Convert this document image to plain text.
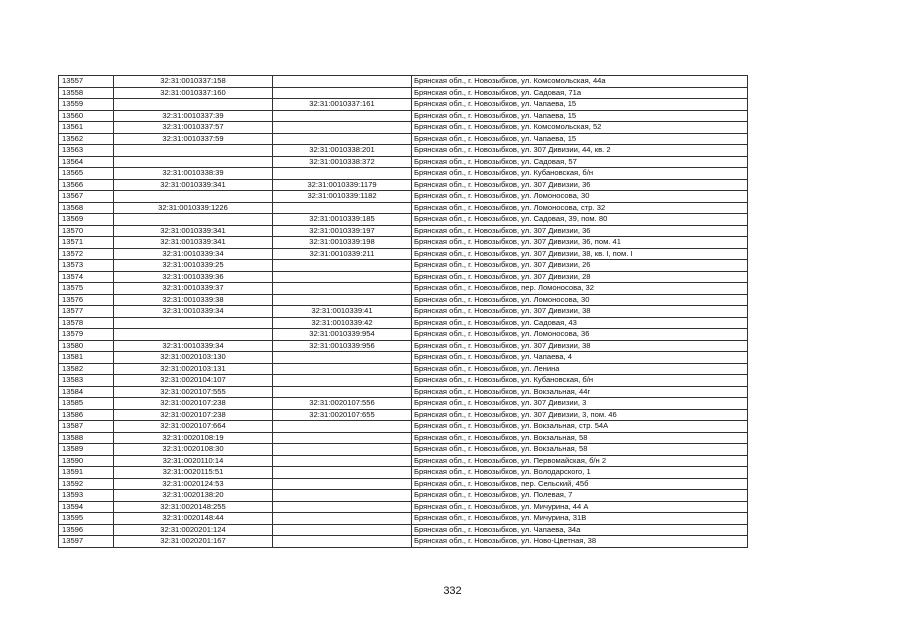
13557	32:31:0010337:158		Брянская обл., г. Новозыбков, ул. Комсомольская, 44а
13558	32:31:0010337:160		Брянская обл., г. Новозыбков, ул. Садовая, 71а
13559		32:31:0010337:161	Брянская обл., г. Новозыбков, ул. Чапаева, 15
13560	32:31:0010337:39		Брянская обл., г. Новозыбков, ул. Чапаева, 15
13561	32:31:0010337:57		Брянская обл., г. Новозыбков, ул. Комсомольская, 52
13562	32:31:0010337:59		Брянская обл., г. Новозыбков, ул. Чапаева, 15
13563		32:31:0010338:201	Брянская обл., г. Новозыбков, ул. 307 Дивизии, 44, кв. 2
13564		32:31:0010338:372	Брянская обл., г. Новозыбков, ул. Садовая, 57
13565	32:31:0010338:39		Брянская обл., г. Новозыбков, ул. Кубановская, б/н
13566	32:31:0010339:341	32:31:0010339:1179	Брянская обл., г. Новозыбков, ул. 307 Дивизии, 36
13567		32:31:0010339:1182	Брянская обл., г. Новозыбков, ул. Ломоносова, 30
13568	32:31:0010339:1226		Брянская обл., г. Новозыбков, ул. Ломоносова, стр. 32
13569		32:31:0010339:185	Брянская обл., г. Новозыбков, ул. Садовая, 39, пом. 80
13570	32:31:0010339:341	32:31:0010339:197	Брянская обл., г. Новозыбков, ул. 307 Дивизии, 36
13571	32:31:0010339:341	32:31:0010339:198	Брянская обл., г. Новозыбков, ул. 307 Дивизии, 36, пом. 41
13572	32:31:0010339:34	32:31:0010339:211	Брянская обл., г. Новозыбков, ул. 307 Дивизии, 38, кв. I, пом. I
13573	32:31:0010339:25		Брянская обл., г. Новозыбков, ул. 307 Дивизии, 26
13574	32:31:0010339:36		Брянская обл., г. Новозыбков, ул. 307 Дивизии, 28
13575	32:31:0010339:37		Брянская обл., г. Новозыбков, пер. Ломоносова, 32
13576	32:31:0010339:38		Брянская обл., г. Новозыбков, ул. Ломоносова, 30
13577	32:31:0010339:34	32:31:0010339:41	Брянская обл., г. Новозыбков, ул. 307 Дивизии, 38
13578		32:31:0010339:42	Брянская обл., г. Новозыбков, ул. Садовая, 43
13579		32:31:0010339:954	Брянская обл., г. Новозыбков, ул. Ломоносова, 36
13580	32:31:0010339:34	32:31:0010339:956	Брянская обл., г. Новозыбков, ул. 307 Дивизии, 38
13581	32:31:0020103:130		Брянская обл., г. Новозыбков, ул. Чапаева, 4
13582	32:31:0020103:131		Брянская обл., г. Новозыбков, ул. Ленина
13583	32:31:0020104:107		Брянская обл., г. Новозыбков, ул. Кубановская, б/н
13584	32:31:0020107:555		Брянская обл., г. Новозыбков, ул. Вокзальная, 44г
13585	32:31:0020107:238	32:31:0020107:556	Брянская обл., г. Новозыбков, ул. 307 Дивизии, 3
13586	32:31:0020107:238	32:31:0020107:655	Брянская обл., г. Новозыбков, ул. 307 Дивизии, 3, пом. 46
13587	32:31:0020107:664		Брянская обл., г. Новозыбков, ул. Вокзальная, стр. 54А
13588	32:31:0020108:19		Брянская обл., г. Новозыбков, ул. Вокзальная, 58
13589	32:31:0020108:30		Брянская обл., г. Новозыбков, ул. Вокзальная, 58
13590	32:31:0020110:14		Брянская обл., г. Новозыбков, ул. Первомайская, б/н 2
13591	32:31:0020115:51		Брянская обл., г. Новозыбков, ул. Володарского, 1
13592	32:31:0020124:53		Брянская обл., г. Новозыбков, пер. Сельский, 45б
13593	32:31:0020138:20		Брянская обл., г. Новозыбков, ул. Полевая, 7
13594	32:31:0020148:255		Брянская обл., г. Новозыбков, ул. Мичурина, 44 А
13595	32:31:0020148:44		Брянская обл., г. Новозыбков, ул. Мичурина, 31В
13596	32:31:0020201:124		Брянская обл., г. Новозыбков, ул. Чапаева, 34а
13597	32:31:0020201:167		Брянская обл., г. Новозыбков, ул. Ново-Цветная, 38
332
